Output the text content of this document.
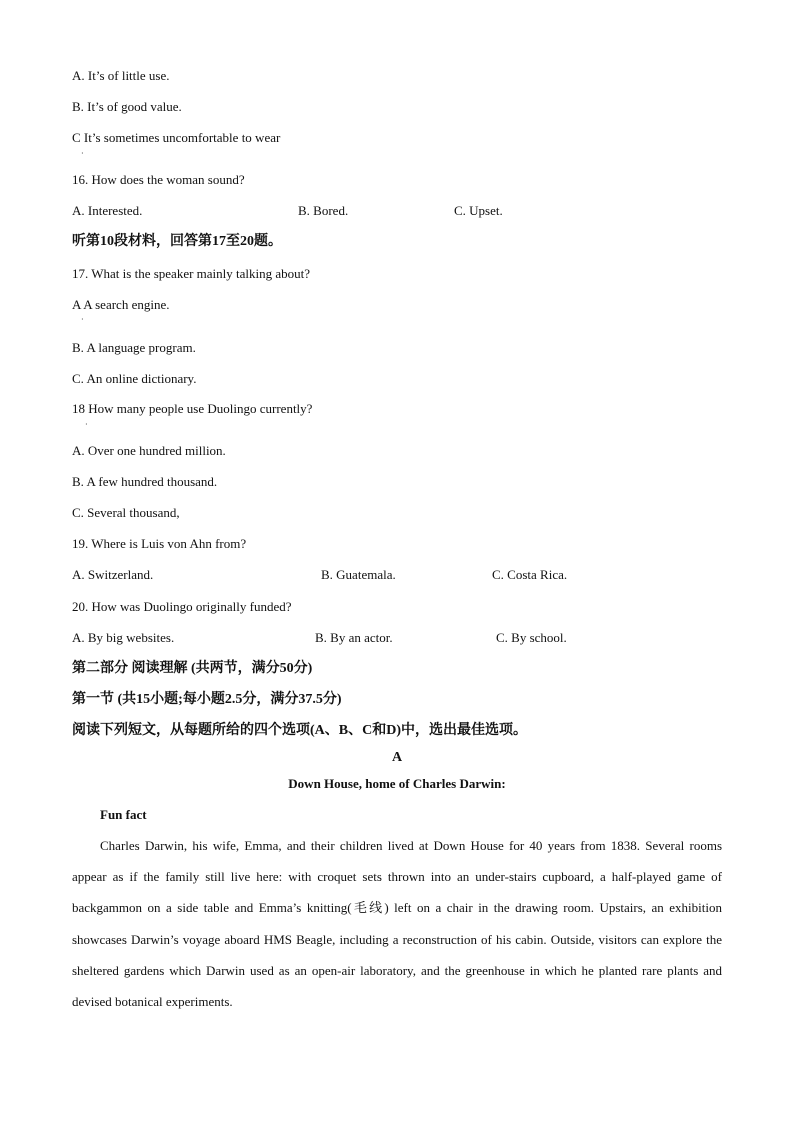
A. It’s of little use.
B. It’s of good value.
C It’s sometimes uncomfortable to wear
·
16. How does the woman sound?
A. Interested.	B. Bored.	C. Upset.
听第10段材料，回答第17至20题。
17. What is the speaker mainly talking about?
A A search engine.
·
B. A language program.
C. An online dictionary.
18 How many people use Duolingo currently?
·
A. Over one hundred million.
B. A few hundred thousand.
C. Several thousand,
19. Where is Luis von Ahn from?
A. Switzerland.	B. Guatemala.	C. Costa Rica.
20. How was Duolingo originally funded?
A. By big websites.	B. By an actor.	C. By school.
第二部分 阅读理解 (共两节，满分50分)
第一节 (共15小题;每小题2.5分，满分37.5分)
阅读下列短文，从每题所给的四个选项(A、B、C和D)中，选出最佳选项。
A
Down House, home of Charles Darwin:
Fun fact
Charles Darwin, his wife, Emma, and their children lived at Down House for 40 years from 1838. Several rooms appear as if the family still live here: with croquet sets thrown into an under-stairs cupboard, a half-played game of backgammon on a side table and Emma’s knitting(毛线) left on a chair in the drawing room. Upstairs, an exhibition showcases Darwin’s voyage aboard HMS Beagle, including a reconstruction of his cabin. Outside, visitors can explore the sheltered gardens which Darwin used as an open-air laboratory, and the greenhouse in which he planted rare plants and devised botanical experiments.
